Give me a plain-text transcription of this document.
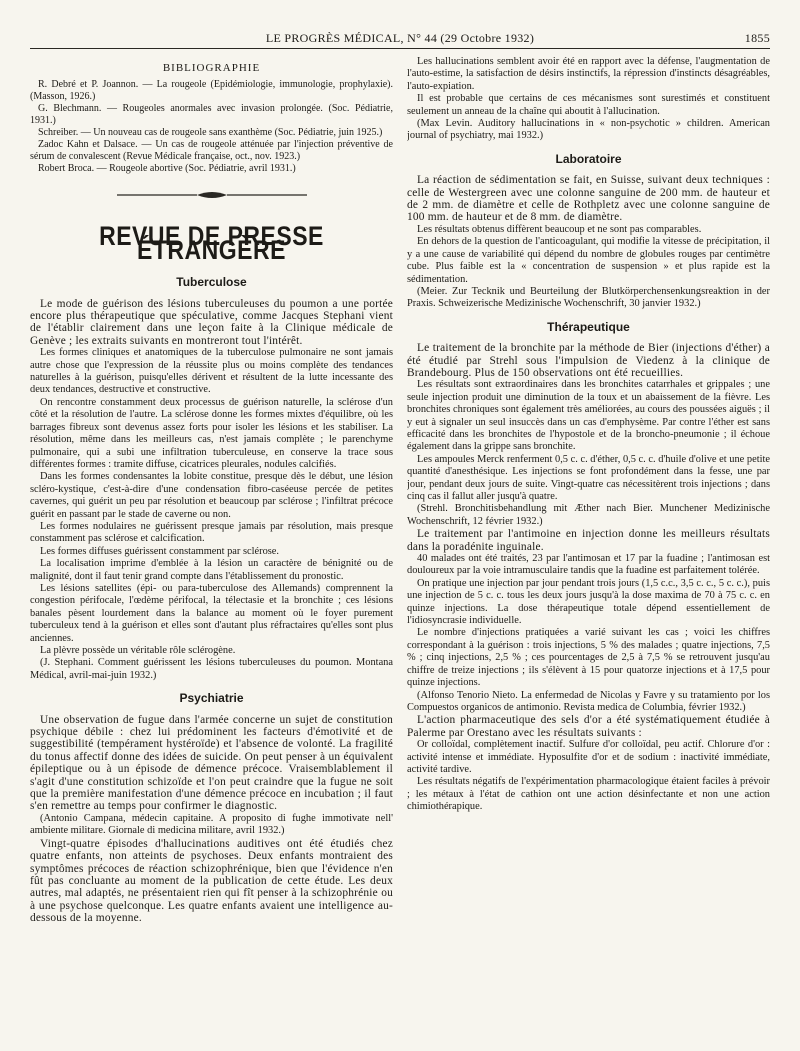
LE PROGRÈS MÉDICAL, N° 44 (29 Octobre 1932)	1855
BIBLIOGRAPHIE

R. Debré et P. Joannon. — La rougeole (Epidémiologie, immunologie, prophylaxie). (Masson, 1926.)

G. Blechmann. — Rougeoles anormales avec invasion prolongée. (Soc. Pédiatrie, 1931.)

Schreiber. — Un nouveau cas de rougeole sans exanthème (Soc. Pédiatrie, juin 1925.)

Zadoc Kahn et Dalsace. — Un cas de rougeole atténuée par l'injection préventive de sérum de convalescent (Revue Médicale française, oct., nov. 1923.)

Robert Broca. — Rougeole abortive (Soc. Pédiatrie, avril 1931.)

REVUE DE PRESSE ÉTRANGÈRE
Tuberculose

Le mode de guérison des lésions tuberculeuses du poumon a une portée encore plus thérapeutique que spéculative, comme Jacques Stephani vient de l'établir clairement dans une leçon faite à la Clinique médicale de Genève ; les extraits suivants en montreront tout l'intérêt.

Les formes cliniques et anatomiques de la tuberculose pulmonaire ne sont jamais autre chose que l'expression de la réussite plus ou moins complète des tendances naturelles à la guérison, puisqu'elles dérivent et résultent de la lutte incessante des deux tendances, destructive et constructive.

On rencontre constamment deux processus de guérison naturelle, la sclérose d'un côté et la résolution de l'autre. La sclérose donne les formes mixtes d'équilibre, où les barrages fibreux sont devenus assez forts pour isoler les lésions et les stabiliser. La résolution, même dans les meilleurs cas, n'est jamais complète ; le parenchyme pulmonaire, qui a subi une infiltration tuberculeuse, en conserve la trace sous différentes formes : tramite diffuse, cicatrices pleurales, nodules calcifiés.

Dans les formes condensantes la lobite constitue, presque dès le début, une lésion scléro-kystique, c'est-à-dire d'une condensation fibro-caséeuse percée de petites cavernes, qui guérit un peu par résolution et beaucoup par sclérose ; l'infiltrat précoce guérit en passant par le stade de caverne ou non.

Les formes nodulaires ne guérissent presque jamais par résolution, mais presque constamment pas sclérose et calcification.

Les formes diffuses guérissent constamment par sclérose.

La localisation imprime d'emblée à la lésion un caractère de bénignité ou de malignité, dont il faut tenir grand compte dans l'établissement du pronostic.

Les lésions satellites (épi- ou para-tuberculose des Allemands) comprennent la congestion périfocale, l'œdème périfocal, la télectasie et la bronchite ; ces lésions banales pèsent lourdement dans la balance au moment où le foyer purement tuberculeux tend à la guérison et elles sont d'autant plus réfractaires qu'elles sont plus anciennes.

La plèvre possède un véritable rôle sclérogène.

(J. Stephani. Comment guérissent les lésions tuberculeuses du poumon. Montana Médical, avril-mai-juin 1932.)

Psychiatrie

Une observation de fugue dans l'armée concerne un sujet de constitution psychique débile : chez lui prédominent les facteurs d'émotivité et de suggestibilité (tempérament hystéroïde) et l'absence de volonté. La fragilité du tonus affectif donne des idées de suicide. On peut penser à un équivalent épileptique ou à un épisode de démence précoce. Vraisemblablement il s'agit d'une constitution schizoïde et l'on peut craindre que la fugue ne soit que la première manifestation d'une démence précoce en incubation ; il faut s'en remettre au temps pour confirmer le diagnostic.

(Antonio Campana, médecin capitaine. A proposito di fughe immotivate nell' ambiente militare. Giornale di medicina militare, avril 1932.)

Vingt-quatre épisodes d'hallucinations auditives ont été étudiés chez quatre enfants, non atteints de psychoses. Deux enfants montraient des symptômes précoces de réaction schizophrénique, bien que l'évidence n'en fût pas concluante au moment de la publication de cette étude. Les deux autres, mal adaptés, ne présentaient rien qui fît penser à la schizophrénie ou à une psychose quelconque. Les quatre enfants avaient une intelligence au-dessous de la moyenne.

Les hallucinations semblent avoir été en rapport avec la défense, l'augmentation de l'auto-estime, la satisfaction de désirs instinctifs, la répression d'instincts désagréables, l'auto-expiation.

Il est probable que certains de ces mécanismes sont surestimés et constituent seulement un anneau de la chaîne qui aboutit à l'allucination.

(Max Levin. Auditory hallucinations in « non-psychotic » children. American journal of psychiatry, mai 1932.)

Laboratoire

La réaction de sédimentation se fait, en Suisse, suivant deux techniques : celle de Westergreen avec une colonne sanguine de 200 mm. de hauteur et de 2 mm. de diamètre et celle de Rothpletz avec une colonne sanguine de 100 mm. de hauteur et de 8 mm. de diamètre.

Les résultats obtenus diffèrent beaucoup et ne sont pas comparables.

En dehors de la question de l'anticoagulant, qui modifie la vitesse de précipitation, il y a une cause de variabilité qui dépend du nombre de globules rouges par centimètre cube. Plus faible est la « concentration de suspension » et plus rapide est la sédimentation.

(Meier. Zur Tecknik und Beurteilung der Blutkörperchensenkungsreaktion in der Praxis. Schweizerische Medizinische Wochenschrift, 30 janvier 1932.)

Thérapeutique

Le traitement de la bronchite par la méthode de Bier (injections d'éther) a été étudié par Strehl sous l'impulsion de Viedenz à la clinique de Brandebourg. Plus de 150 observations ont été recueillies.

Les résultats sont extraordinaires dans les bronchites catarrhales et grippales ; une seule injection produit une diminution de la toux et un abaissement de la fièvre. Les bronchites chroniques sont également très améliorées, au cours des poussées aiguës ; il y eut à signaler un seul insuccès dans un cas d'emphysème. Par contre l'éther est sans efficacité dans les bronchites de l'hypostole et de la broncho-pneumonie ; il échoue également dans la grippe sans bronchite.

Les ampoules Merck renferment 0,5 c. c. d'éther, 0,5 c. c. d'huile d'olive et une petite quantité d'anesthésique. Les injections se font profondément dans la fesse, une par jour, pendant deux jours de suite. Vingt-quatre cas nécessitèrent trois injections ; dans cinq cas il fallut aller jusqu'à quatre.

(Strehl. Bronchitisbehandlung mit Æther nach Bier. Munchener Medizinische Wochenschrift, 12 février 1932.)

Le traitement par l'antimoine en injection donne les meilleurs résultats dans la poradénite inguinale.

40 malades ont été traités, 23 par l'antimosan et 17 par la fuadine ; l'antimosan est douloureux par la voie intramusculaire tandis que la fuadine est parfaitement tolérée.

On pratique une injection par jour pendant trois jours (1,5 c.c., 3,5 c. c., 5 c. c.), puis une injection de 5 c. c. tous les deux jours jusqu'à la dose maxima de 70 à 75 c. c. en quinze injections. La dose thérapeutique totale dépend essentiellement de l'idiosyncrasie individuelle.

Le nombre d'injections pratiquées a varié suivant les cas ; voici les chiffres correspondant à la guérison : trois injections, 5 % des malades ; quatre injections, 7,5 % ; cinq injections, 2,5 % ; ces pourcentages de 2,5 à 7,5 % se retrouvent jusqu'au chiffre de treize injections ; ils s'élèvent à 15 pour quatorze injections et à 17,5 pour quinze injections.

(Alfonso Tenorio Nieto. La enfermedad de Nicolas y Favre y su tratamiento por los Compuestos organicos de antimonio. Revista medica de Columbia, février 1932.)

L'action pharmaceutique des sels d'or a été systématiquement étudiée à Palerme par Orestano avec les résultats suivants :

Or colloïdal, complètement inactif. Sulfure d'or colloïdal, peu actif. Chlorure d'or : activité intense et immédiate. Hyposulfite d'or et de sodium : inactivité immédiate, activité tardive.

Les résultats négatifs de l'expérimentation pharmacologique étaient faciles à prévoir ; les métaux à l'état de cathion ont une action désinfectante et non une action chimiothérapique.
